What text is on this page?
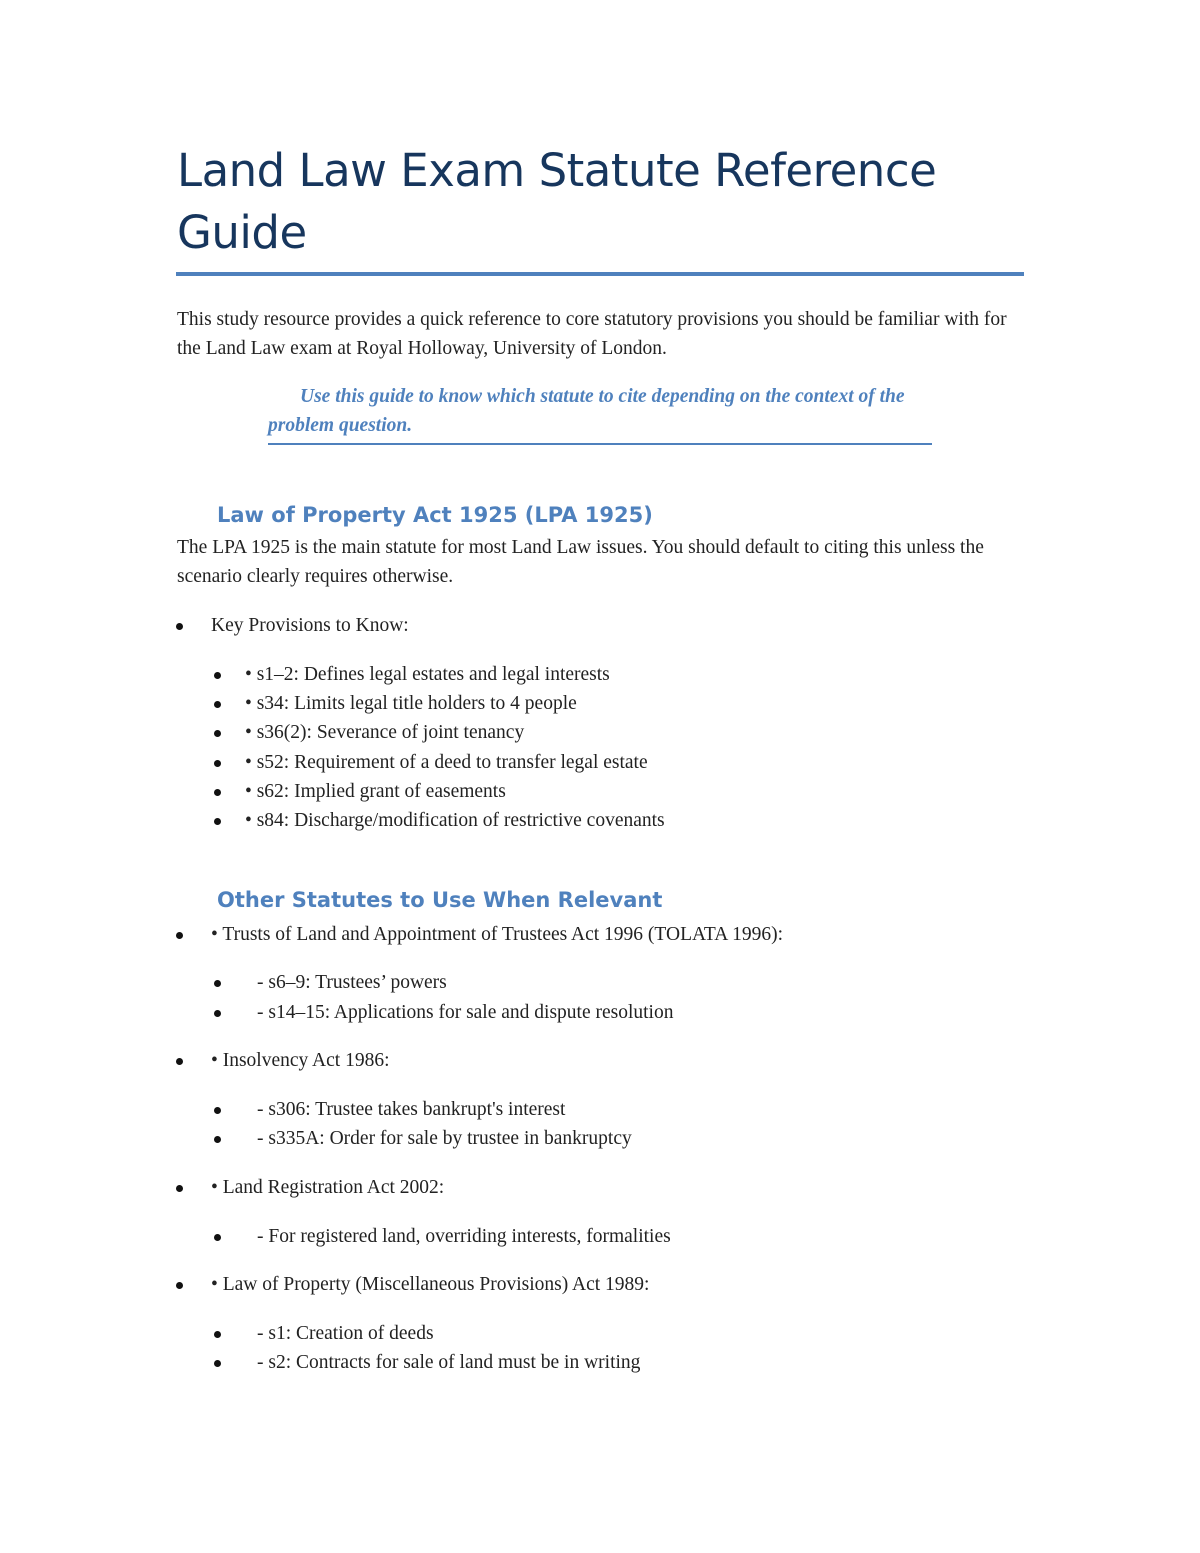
Land Law Exam Statute Reference Guide

This study resource provides a quick reference to core statutory provisions you should be familiar with for the Land Law exam at Royal Holloway, University of London.

Use this guide to know which statute to cite depending on the context of the problem question.

Law of Property Act 1925 (LPA 1925)

The LPA 1925 is the main statute for most Land Law issues. You should default to citing this unless the scenario clearly requires otherwise.

Key Provisions to Know:
• s1–2: Defines legal estates and legal interests
• s34: Limits legal title holders to 4 people
• s36(2): Severance of joint tenancy
• s52: Requirement of a deed to transfer legal estate
• s62: Implied grant of easements
• s84: Discharge/modification of restrictive covenants
Other Statutes to Use When Relevant
• Trusts of Land and Appointment of Trustees Act 1996 (TOLATA 1996):
- s6–9: Trustees’ powers
- s14–15: Applications for sale and dispute resolution
• Insolvency Act 1986:
- s306: Trustee takes bankrupt's interest
- s335A: Order for sale by trustee in bankruptcy
• Land Registration Act 2002:
- For registered land, overriding interests, formalities
• Law of Property (Miscellaneous Provisions) Act 1989:
- s1: Creation of deeds
- s2: Contracts for sale of land must be in writing
